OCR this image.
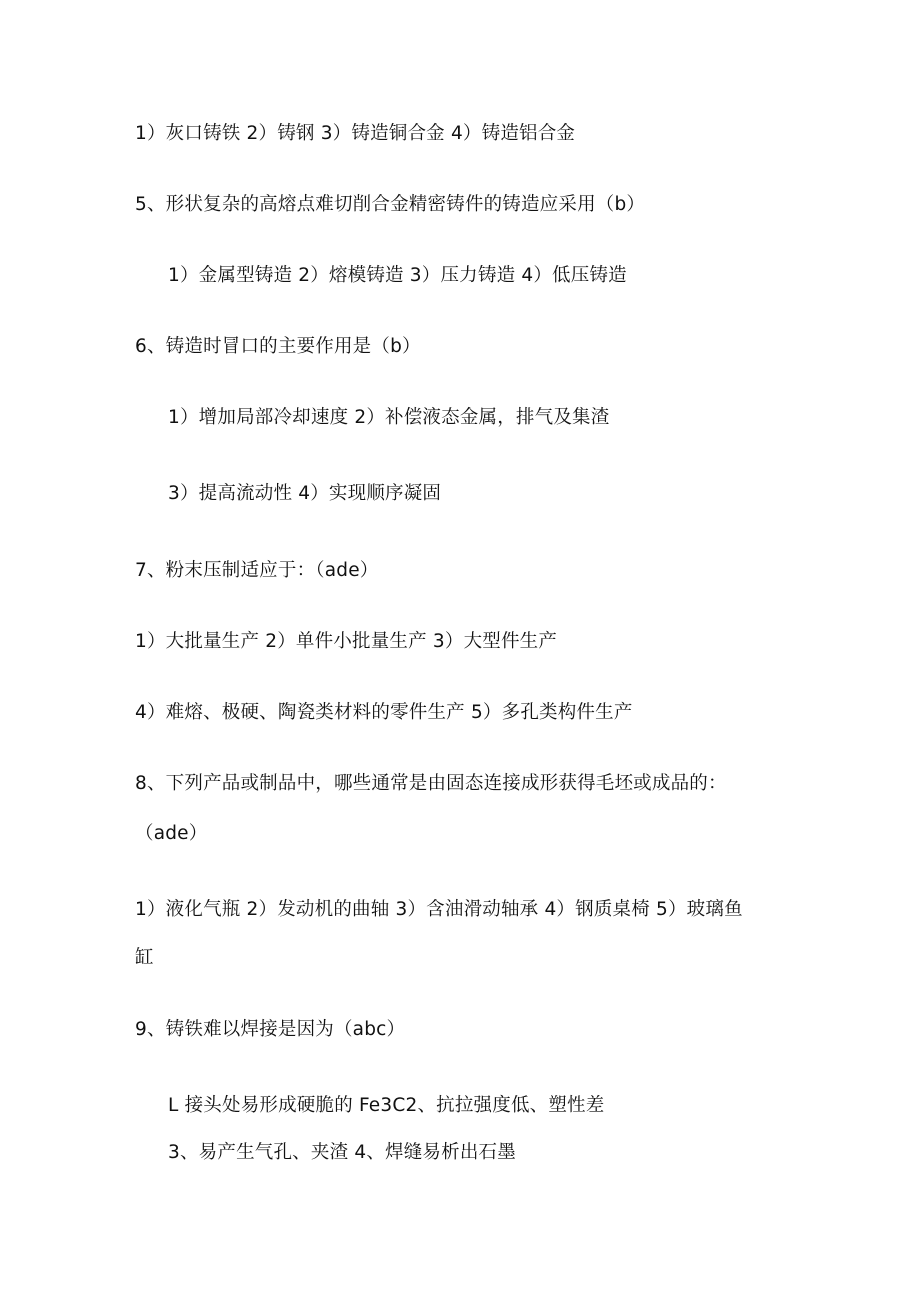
1）灰口铸铁 2）铸钢 3）铸造铜合金 4）铸造铝合金
5、形状复杂的高熔点难切削合金精密铸件的铸造应采用（b）
1）金属型铸造 2）熔模铸造 3）压力铸造 4）低压铸造
6、铸造时冒口的主要作用是（b）
1）增加局部冷却速度 2）补偿液态金属，排气及集渣
3）提高流动性 4）实现顺序凝固
7、粉末压制适应于：（ade）
1）大批量生产 2）单件小批量生产 3）大型件生产
4）难熔、极硬、陶瓷类材料的零件生产 5）多孔类构件生产
8、下列产品或制品中，哪些通常是由固态连接成形获得毛坯或成品的：
（ade）
1）液化气瓶 2）发动机的曲轴 3）含油滑动轴承 4）钢质桌椅 5）玻璃鱼
缸
9、铸铁难以焊接是因为（abc）
L 接头处易形成硬脆的 Fe3C2、抗拉强度低、塑性差
3、易产生气孔、夹渣 4、焊缝易析出石墨
